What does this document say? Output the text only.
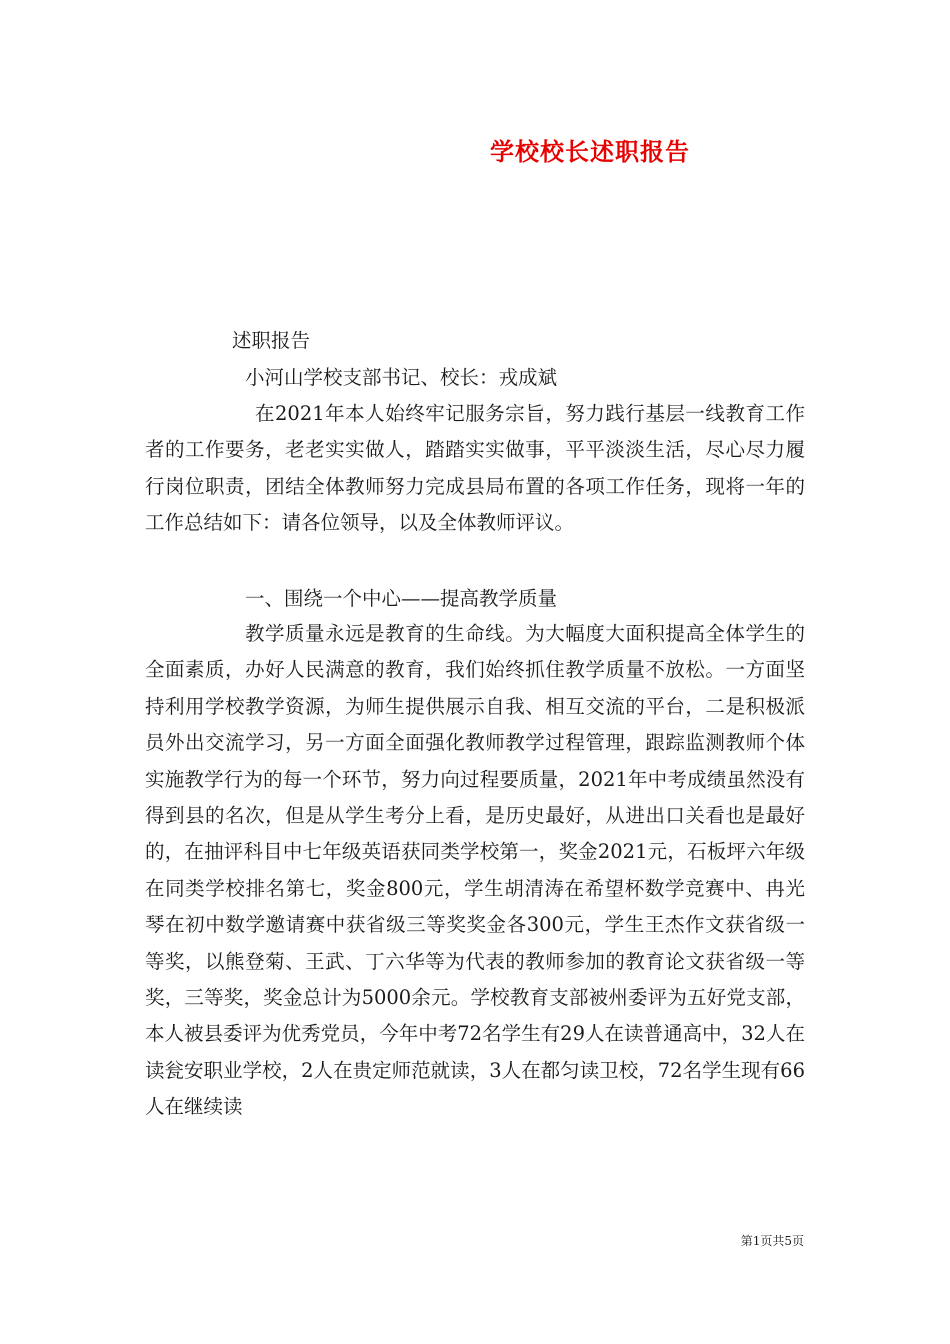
学校校长述职报告
述职报告
小河山学校支部书记、校长：戎成斌

在2021年本人始终牢记服务宗旨，努力践行基层一线教育工作者的工作要务，老老实实做人，踏踏实实做事，平平淡淡生活，尽心尽力履行岗位职责，团结全体教师努力完成县局布置的各项工作任务，现将一年的工作总结如下：请各位领导，以及全体教师评议。

一、围绕一个中心——提高教学质量

教学质量永远是教育的生命线。为大幅度大面积提高全体学生的全面素质，办好人民满意的教育，我们始终抓住教学质量不放松。一方面坚持利用学校教学资源，为师生提供展示自我、相互交流的平台，二是积极派员外出交流学习，另一方面全面强化教师教学过程管理，跟踪监测教师个体实施教学行为的每一个环节，努力向过程要质量，2021年中考成绩虽然没有得到县的名次，但是从学生考分上看，是历史最好，从进出口关看也是最好的，在抽评科目中七年级英语获同类学校第一，奖金2021元，石板坪六年级在同类学校排名第七，奖金800元，学生胡清涛在希望杯数学竞赛中、冉光琴在初中数学邀请赛中获省级三等奖奖金各300元，学生王杰作文获省级一等奖，以熊登菊、王武、丁六华等为代表的教师参加的教育论文获省级一等奖，三等奖，奖金总计为5000余元。学校教育支部被州委评为五好党支部，本人被县委评为优秀党员，今年中考72名学生有29人在读普通高中，32人在读瓮安职业学校，2人在贵定师范就读，3人在都匀读卫校，72名学生现有66人在继续读

第1页共5页
